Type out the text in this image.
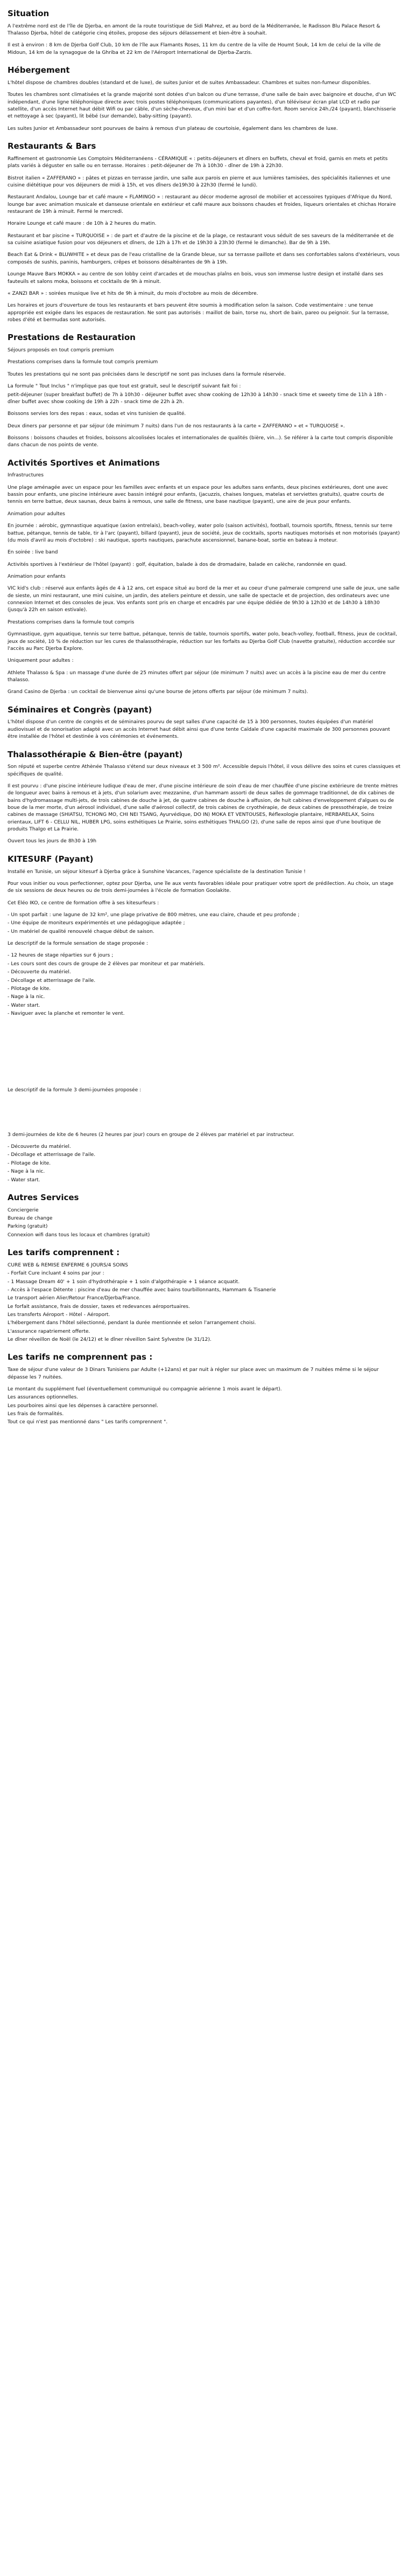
Situation

A l'extrême nord est de l'île de Djerba, en amont de la route touristique de Sidi Mahrez, et au bord de la Méditerranée, le Radisson Blu Palace Resort & Thalasso Djerba, hôtel de catégorie cinq étoiles, propose des séjours délassement et bien-être à souhait.

Il est à environ : 8 km de Djerba Golf Club, 10 km de l'île aux Flamants Roses, 11 km du centre de la ville de Houmt Souk, 14 km de celui de la ville de Midoun, 14 km de la synagogue de la Ghriba et 22 km de l'Aéroport International de Djerba-Zarzis.

Hébergement

L'hôtel dispose de chambres doubles (standard et de luxe), de suites Junior et de suites Ambassadeur. Chambres et suites non-fumeur disponibles.

Toutes les chambres sont climatisées et la grande majorité sont dotées d'un balcon ou d'une terrasse, d'une salle de bain avec baignoire et douche, d'un WC indépendant, d'une ligne téléphonique directe avec trois postes téléphoniques (communications payantes), d'un téléviseur écran plat LCD et radio par satellite, d'un accès Internet haut débit Wifi ou par câble, d'un sèche-cheveux, d'un mini bar et d'un coffre-fort. Room service 24h./24 (payant), blanchisserie et nettoyage à sec (payant), lit bébé (sur demande), baby-sitting (payant).

Les suites Junior et Ambassadeur sont pourvues de bains à remous d'un plateau de courtoisie, également dans les chambres de luxe.

Restaurants & Bars

Raffinement et gastronomie Les Comptoirs Méditerranéens - CÉRAMIQUE « : petits-déjeuners et dîners en buffets, cheval et froid, garnis en mets et petits plats variés à déguster en salle ou en terrasse. Horaires : petit-déjeuner de 7h à 10h30 - dîner de 19h à 22h30.

Bistrot italien « ZAFFERANO » : pâtes et pizzas en terrasse jardin, une salle aux parois en pierre et aux lumières tamisées, des spécialités italiennes et une cuisine diététique pour vos déjeuners de midi à 15h, et vos dîners de19h30 à 22h30 (fermé le lundi).

Restaurant Andalou, Lounge bar et café maure « FLAMINGO » : restaurant au décor moderne agrosol de mobilier et accessoires typiques d'Afrique du Nord, lounge bar avec animation musicale et danseuse orientale en extérieur et café maure aux boissons chaudes et froides, liqueurs orientales et chichas Horaire restaurant de 19h à minuit. Fermé le mercredi.

Horaire Lounge et café maure : de 10h à 2 heures du matin.

Restaurant et bar piscine « TURQUOISE » : de part et d'autre de la piscine et de la plage, ce restaurant vous séduit de ses saveurs de la méditerranée et de sa cuisine asiatique fusion pour vos déjeuners et dîners, de 12h à 17h et de 19h30 à 23h30 (fermé le dimanche). Bar de 9h à 19h.

Beach Eat & Drink « BLUWHITE » et deux pas de l'eau cristalline de la Grande bleue, sur sa terrasse paillote et dans ses confortables salons d'extérieurs, vous composés de sushis, paninis, hamburgers, crêpes et boissons désaltérantes de 9h à 19h.

Lounge Mauve Bars MOKKA » au centre de son lobby ceint d'arcades et de mouchas plaîns en bois, vous son immense lustre design et installé dans ses fauteuils et salons moka, boissons et cocktails de 9h à minuit.

« ZANZI BAR » : soirées musique live et hits de 9h à minuit, du mois d'octobre au mois de décembre.

Les horaires et jours d'ouverture de tous les restaurants et bars peuvent être soumis à modification selon la saison. Code vestimentaire : une tenue appropriée est exigée dans les espaces de restauration. Ne sont pas autorisés : maillot de bain, torse nu, short de bain, pareo ou peignoir. Sur la terrasse, robes d'été et bermudas sont autorisés.

Prestations de Restauration

Séjours proposés en tout compris premium

Prestations comprises dans la formule tout compris premium

Toutes les prestations qui ne sont pas précisées dans le descriptif ne sont pas incluses dans la formule réservée.

La formule " Tout Inclus " n'implique pas que tout est gratuit, seul le descriptif suivant fait foi :

petit-déjeuner (super breakfast buffet) de 7h à 10h30 - déjeuner buffet avec show cooking de 12h30 à 14h30 - snack time et sweety time de 11h à 18h - dîner buffet avec show cooking de 19h à 22h - snack time de 22h à 2h.

Boissons servies lors des repas : eaux, sodas et vins tunisien de qualité.

Deux diners par personne et par séjour (de minimum 7 nuits) dans l'un de nos restaurants à la carte « ZAFFERANO » et « TURQUOISE ».

Boissons : boissons chaudes et froides, boissons alcoolisées locales et internationales de qualités (bière, vin...). Se référer à la carte tout compris disponible dans chacun de nos points de vente.

Activités Sportives et Animations

Infrastructures

Une plage aménagée avec un espace pour les familles avec enfants et un espace pour les adultes sans enfants, deux piscines extérieures, dont une avec bassin pour enfants, une piscine intérieure avec bassin intégré pour enfants, (jacuzzis, chaises longues, matelas et serviettes gratuits), quatre courts de tennis en terre battue, deux saunas, deux bains à remous, une salle de fitness, une base nautique (payant), une aire de jeux pour enfants.

Animation pour adultes

En journée : aérobic, gymnastique aquatique (axion entrelais), beach-volley, water polo (saison activités), football, tournois sportifs, fitness, tennis sur terre battue, pétanque, tennis de table, tir à l'arc (payant), billard (payant), jeux de société, jeux de cocktails, sports nautiques motorisés et non motorisés (payant) (du mois d'avril au mois d'octobre) : ski nautique, sports nautiques, parachute ascensionnel, banane-boat, sortie en bateau à moteur.

En soirée : live band

Activités sportives à l'extérieur de l'hôtel (payant) : golf, équitation, balade à dos de dromadaire, balade en calèche, randonnée en quad.

Animation pour enfants

VIC kid's club : réservé aux enfants âgés de 4 à 12 ans, cet espace situé au bord de la mer et au coeur d'une palmeraie comprend une salle de jeux, une salle de sieste, un mini restaurant, une mini cuisine, un jardin, des ateliers peinture et dessin, une salle de spectacle et de projection, des ordinateurs avec une connexion Internet et des consoles de jeux. Vos enfants sont pris en charge et encadrés par une équipe dédiée de 9h30 à 12h30 et de 14h30 à 18h30 (jusqu'à 22h en saison estivale).

Prestations comprises dans la formule tout compris

Gymnastique, gym aquatique, tennis sur terre battue, pétanque, tennis de table, tournois sportifs, water polo, beach-volley, football, fitness, jeux de cocktail, jeux de société, 10 % de réduction sur les cures de thalassothérapie, réduction sur les forfaits au Djerba Golf Club (navette gratuite), réduction accordée sur l'accès au Parc Djerba Explore.

Uniquement pour adultes :

Athlete Thalasso & Spa : un massage d'une durée de 25 minutes offert par séjour (de minimum 7 nuits) avec un accès à la piscine eau de mer du centre thalasso.

Grand Casino de Djerba : un cocktail de bienvenue ainsi qu'une bourse de jetons offerts par séjour (de minimum 7 nuits).

Séminaires et Congrès (payant)

L'hôtel dispose d'un centre de congrès et de séminaires pourvu de sept salles d'une capacité de 15 à 300 personnes, toutes équipées d'un matériel audiovisuel et de sonorisation adapté avec un accès Internet haut débit ainsi que d'une tente Caïdale d'une capacité maximale de 300 personnes pouvant être installée de l'hôtel et destinée à vos cérémonies et événements.

Thalassothérapie & Bien-être (payant)

Son réputé et superbe centre Athènée Thalasso s'étend sur deux niveaux et 3 500 m². Accessible depuis l'hôtel, il vous délivre des soins et cures classiques et spécifiques de qualité.

Il est pourvu : d'une piscine intérieure ludique d'eau de mer, d'une piscine intérieure de soin d'eau de mer chauffée d'une piscine extérieure de trente mètres de longueur avec bains à remous et à jets, d'un solarium avec mezzanine, d'un hammam assorti de deux salles de gommage traditionnel, de dix cabines de bains d'hydromassage multi-jets, de trois cabines de douche à jet, de quatre cabines de douche à affusion, de huit cabines d'enveloppement d'algues ou de boue de la mer morte, d'un aérosol individuel, d'une salle d'aérosol collectif, de trois cabines de cryothérapie, de deux cabines de pressothérapie, de treize cabines de massage (SHIATSU, TCHONG MO, CHI NEI TSANG, Ayurvédique, DO IN) MOKA ET VENTOUSES, Réflexologie plantaire, HERBARELAX, Soins orientaux, LIFT 6 - CELLU NIL, HUBER LPG, soins esthétiques Le Prairie, soins esthétiques THALGO (2), d'une salle de repos ainsi que d'une boutique de produits Thalgo et La Prairie.

Ouvert tous les jours de 8h30 à 19h

KITESURF (Payant)

Installé en Tunisie, un séjour kitesurf à Djerba grâce à Sunshine Vacances, l'agence spécialiste de la destination Tunisie !

Pour vous initier ou vous perfectionner, optez pour Djerba, une île aux vents favorables idéale pour pratiquer votre sport de prédilection. Au choix, un stage de six sessions de deux heures ou de trois demi-journées à l'école de formation Goolakite.

Cet Eléo IKO, ce centre de formation offre à ses kitesurfeurs :

- Un spot parfait : une lagune de 32 km², une plage privative de 800 mètres, une eau claire, chaude et peu profonde ;

- Une équipe de moniteurs expérimentés et une pédagogique adaptée ;

- Un matériel de qualité renouvelé chaque début de saison.

Le descriptif de la formule sensation de stage proposée :

- 12 heures de stage réparties sur 6 jours ;

- Les cours sont des cours de groupe de 2 élèves par moniteur et par matériels.

- Découverte du matériel.

- Décollage et atterrissage de l'aile.

- Pilotage de kite.

- Nage à la nic.

- Water start.

- Naviguer avec la planche et remonter le vent.

Le descriptif de la formule 3 demi-journées proposée :

3 demi-journées de kite de 6 heures (2 heures par jour) cours en groupe de 2 élèves par matériel et par instructeur.

- Découverte du matériel.

- Décollage et atterrissage de l'aile.

- Pilotage de kite.

- Nage à la nic.

- Water start.

Autres Services

Conciergerie

Bureau de change

Parking (gratuit)

Connexion wifi dans tous les locaux et chambres (gratuit)

Les tarifs comprennent :

CURE WEB & REMISE ENFERME 6 JOURS/4 SOINS

- Forfait Cure incluant 4 soins par jour :

- 1 Massage Dream 40' + 1 soin d'hydrothérapie + 1 soin d'algothérapie + 1 séance acquatit.

- Accès à l'espace Détente : piscine d'eau de mer chauffée avec bains tourbillonnants, Hammam & Tisanerie

Le transport aérien Alier/Retour France/Djerba/France.

Le forfait assistance, frais de dossier, taxes et redevances aéroportuaires.

Les transferts Aéroport - Hôtel - Aéroport.

L'hébergement dans l'hôtel sélectionné, pendant la durée mentionnée et selon l'arrangement choisi.

L'assurance rapatriement offerte.

Le dîner réveillon de Noël (le 24/12) et le dîner réveillon Saint Sylvestre (le 31/12).

Les tarifs ne comprennent pas :

Taxe de séjour d'une valeur de 3 Dinars Tunisiens par Adulte (+12ans) et par nuit à régler sur place avec un maximum de 7 nuitées même si le séjour dépasse les 7 nuitées.

Le montant du supplément fuel (éventuellement communiqué ou compagnie aérienne 1 mois avant le départ).

Les assurances optionnelles.

Les pourboires ainsi que les dépenses à caractère personnel.

Les frais de formalités.

Tout ce qui n'est pas mentionné dans " Les tarifs comprennent ".
